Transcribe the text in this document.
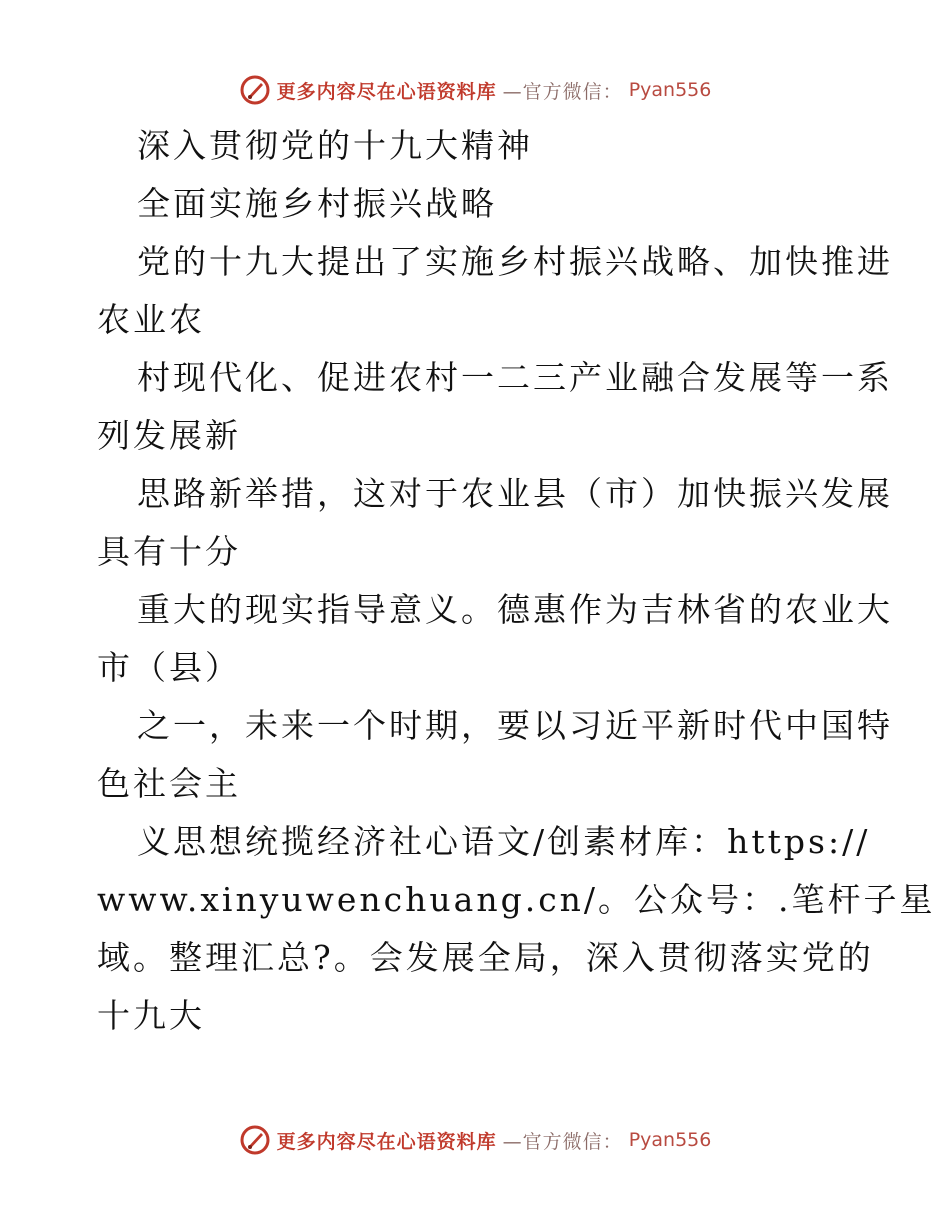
更多内容尽在心语资料库 —官方微信： Pyan556
深入贯彻党的十九大精神
全面实施乡村振兴战略
党的十九大提出了实施乡村振兴战略、加快推进
农业农
村现代化、促进农村一二三产业融合发展等一系
列发展新
思路新举措，这对于农业县（市）加快振兴发展
具有十分
重大的现实指导意义。德惠作为吉林省的农业大
市（县）
之一，未来一个时期，要以习近平新时代中国特
色社会主
义思想统揽经济社心语文/创素材库：https://
www.xinyuwenchuang.cn/。公众号：.笔杆子星
域。整理汇总?。会发展全局，深入贯彻落实党的
十九大
更多内容尽在心语资料库 —官方微信： Pyan556
